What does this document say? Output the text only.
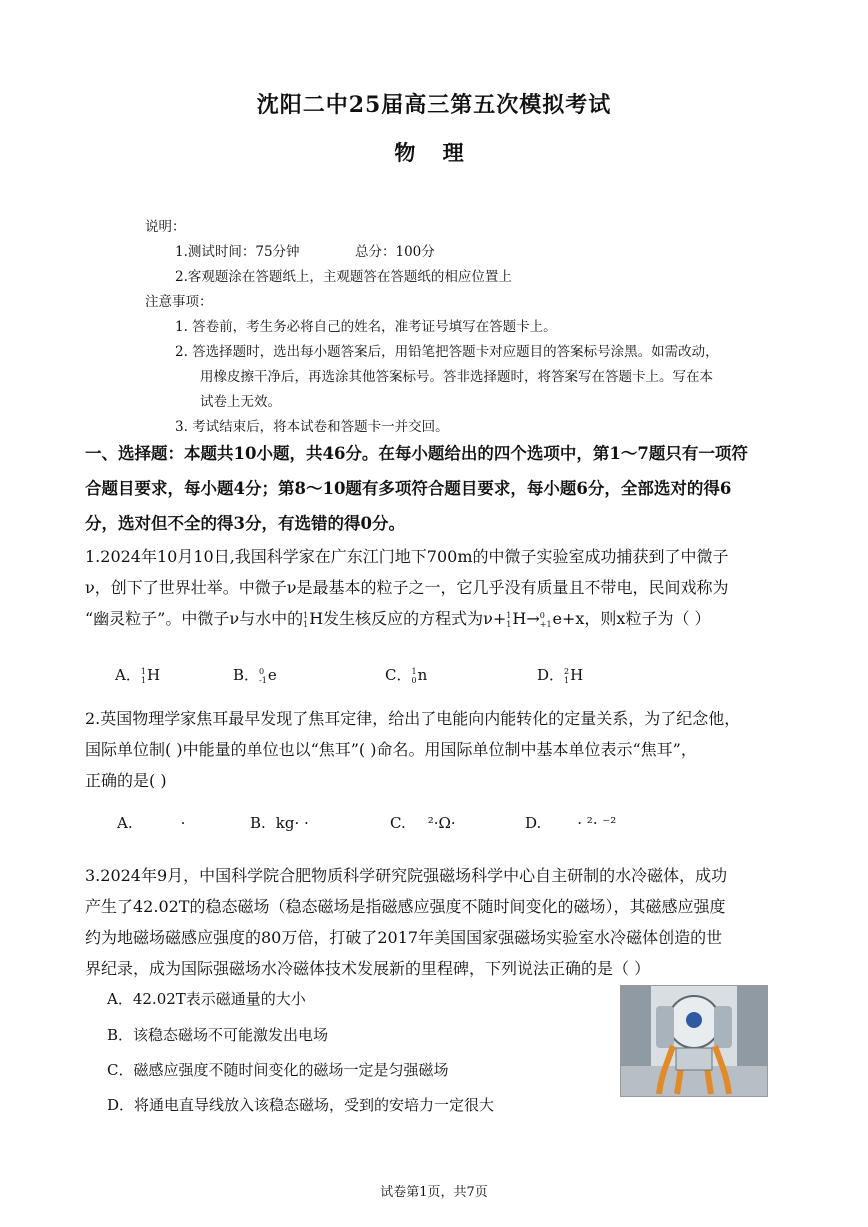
沈阳二中25届高三第五次模拟考试
物 理
说明：
1.测试时间：75分钟	总分：100分
2.客观题涂在答题纸上，主观题答在答题纸的相应位置上
注意事项：
1. 答卷前，考生务必将自己的姓名，准考证号填写在答题卡上。
2. 答选择题时，选出每小题答案后，用铅笔把答题卡对应题目的答案标号涂黑。如需改动，
用橡皮擦干净后，再选涂其他答案标号。答非选择题时，将答案写在答题卡上。写在本
试卷上无效。
3. 考试结束后，将本试卷和答题卡一并交回。
一、选择题：本题共10小题，共46分。在每小题给出的四个选项中，第1～7题只有一项符
合题目要求，每小题4分；第8～10题有多项符合题目要求，每小题6分，全部选对的得6
分，选对但不全的得3分，有选错的得0分。
1.2024年10月10日,我国科学家在广东江门地下700m的中微子实验室成功捕获到了中微子
ν，创下了世界壮举。中微子ν是最基本的粒子之一，它几乎没有质量且不带电，民间戏称为
“幽灵粒子”。中微子ν与水中的 1
1 H发生核反应的方程式为ν+ 1
1 H→ 0
+1 e+x，则x粒子为（ ）
A． 1
1 H	B． 0
-1 e	C． 1
0 n	D． 2
1 H
2.英国物理学家焦耳最早发现了焦耳定律，给出了电能向内能转化的定量关系，为了纪念他，
国际单位制( )中能量的单位也以“焦耳”( )命名。用国际单位制中基本单位表示“焦耳”，
正确的是( )
A.	·	B. kg· ·	C. ²·Ω·	D. · ²· ⁻²
3.2024年9月，中国科学院合肥物质科学研究院强磁场科学中心自主研制的水冷磁体，成功
产生了42.02T的稳态磁场（稳态磁场是指磁感应强度不随时间变化的磁场），其磁感应强度
约为地磁场磁感应强度的80万倍，打破了2017年美国国家强磁场实验室水冷磁体创造的世
界纪录，成为国际强磁场水冷磁体技术发展新的里程碑，下列说法正确的是（ ）
A．42.02T表示磁通量的大小
B．该稳态磁场不可能激发出电场
C．磁感应强度不随时间变化的磁场一定是匀强磁场
D．将通电直导线放入该稳态磁场，受到的安培力一定很大
试卷第1页，共7页
